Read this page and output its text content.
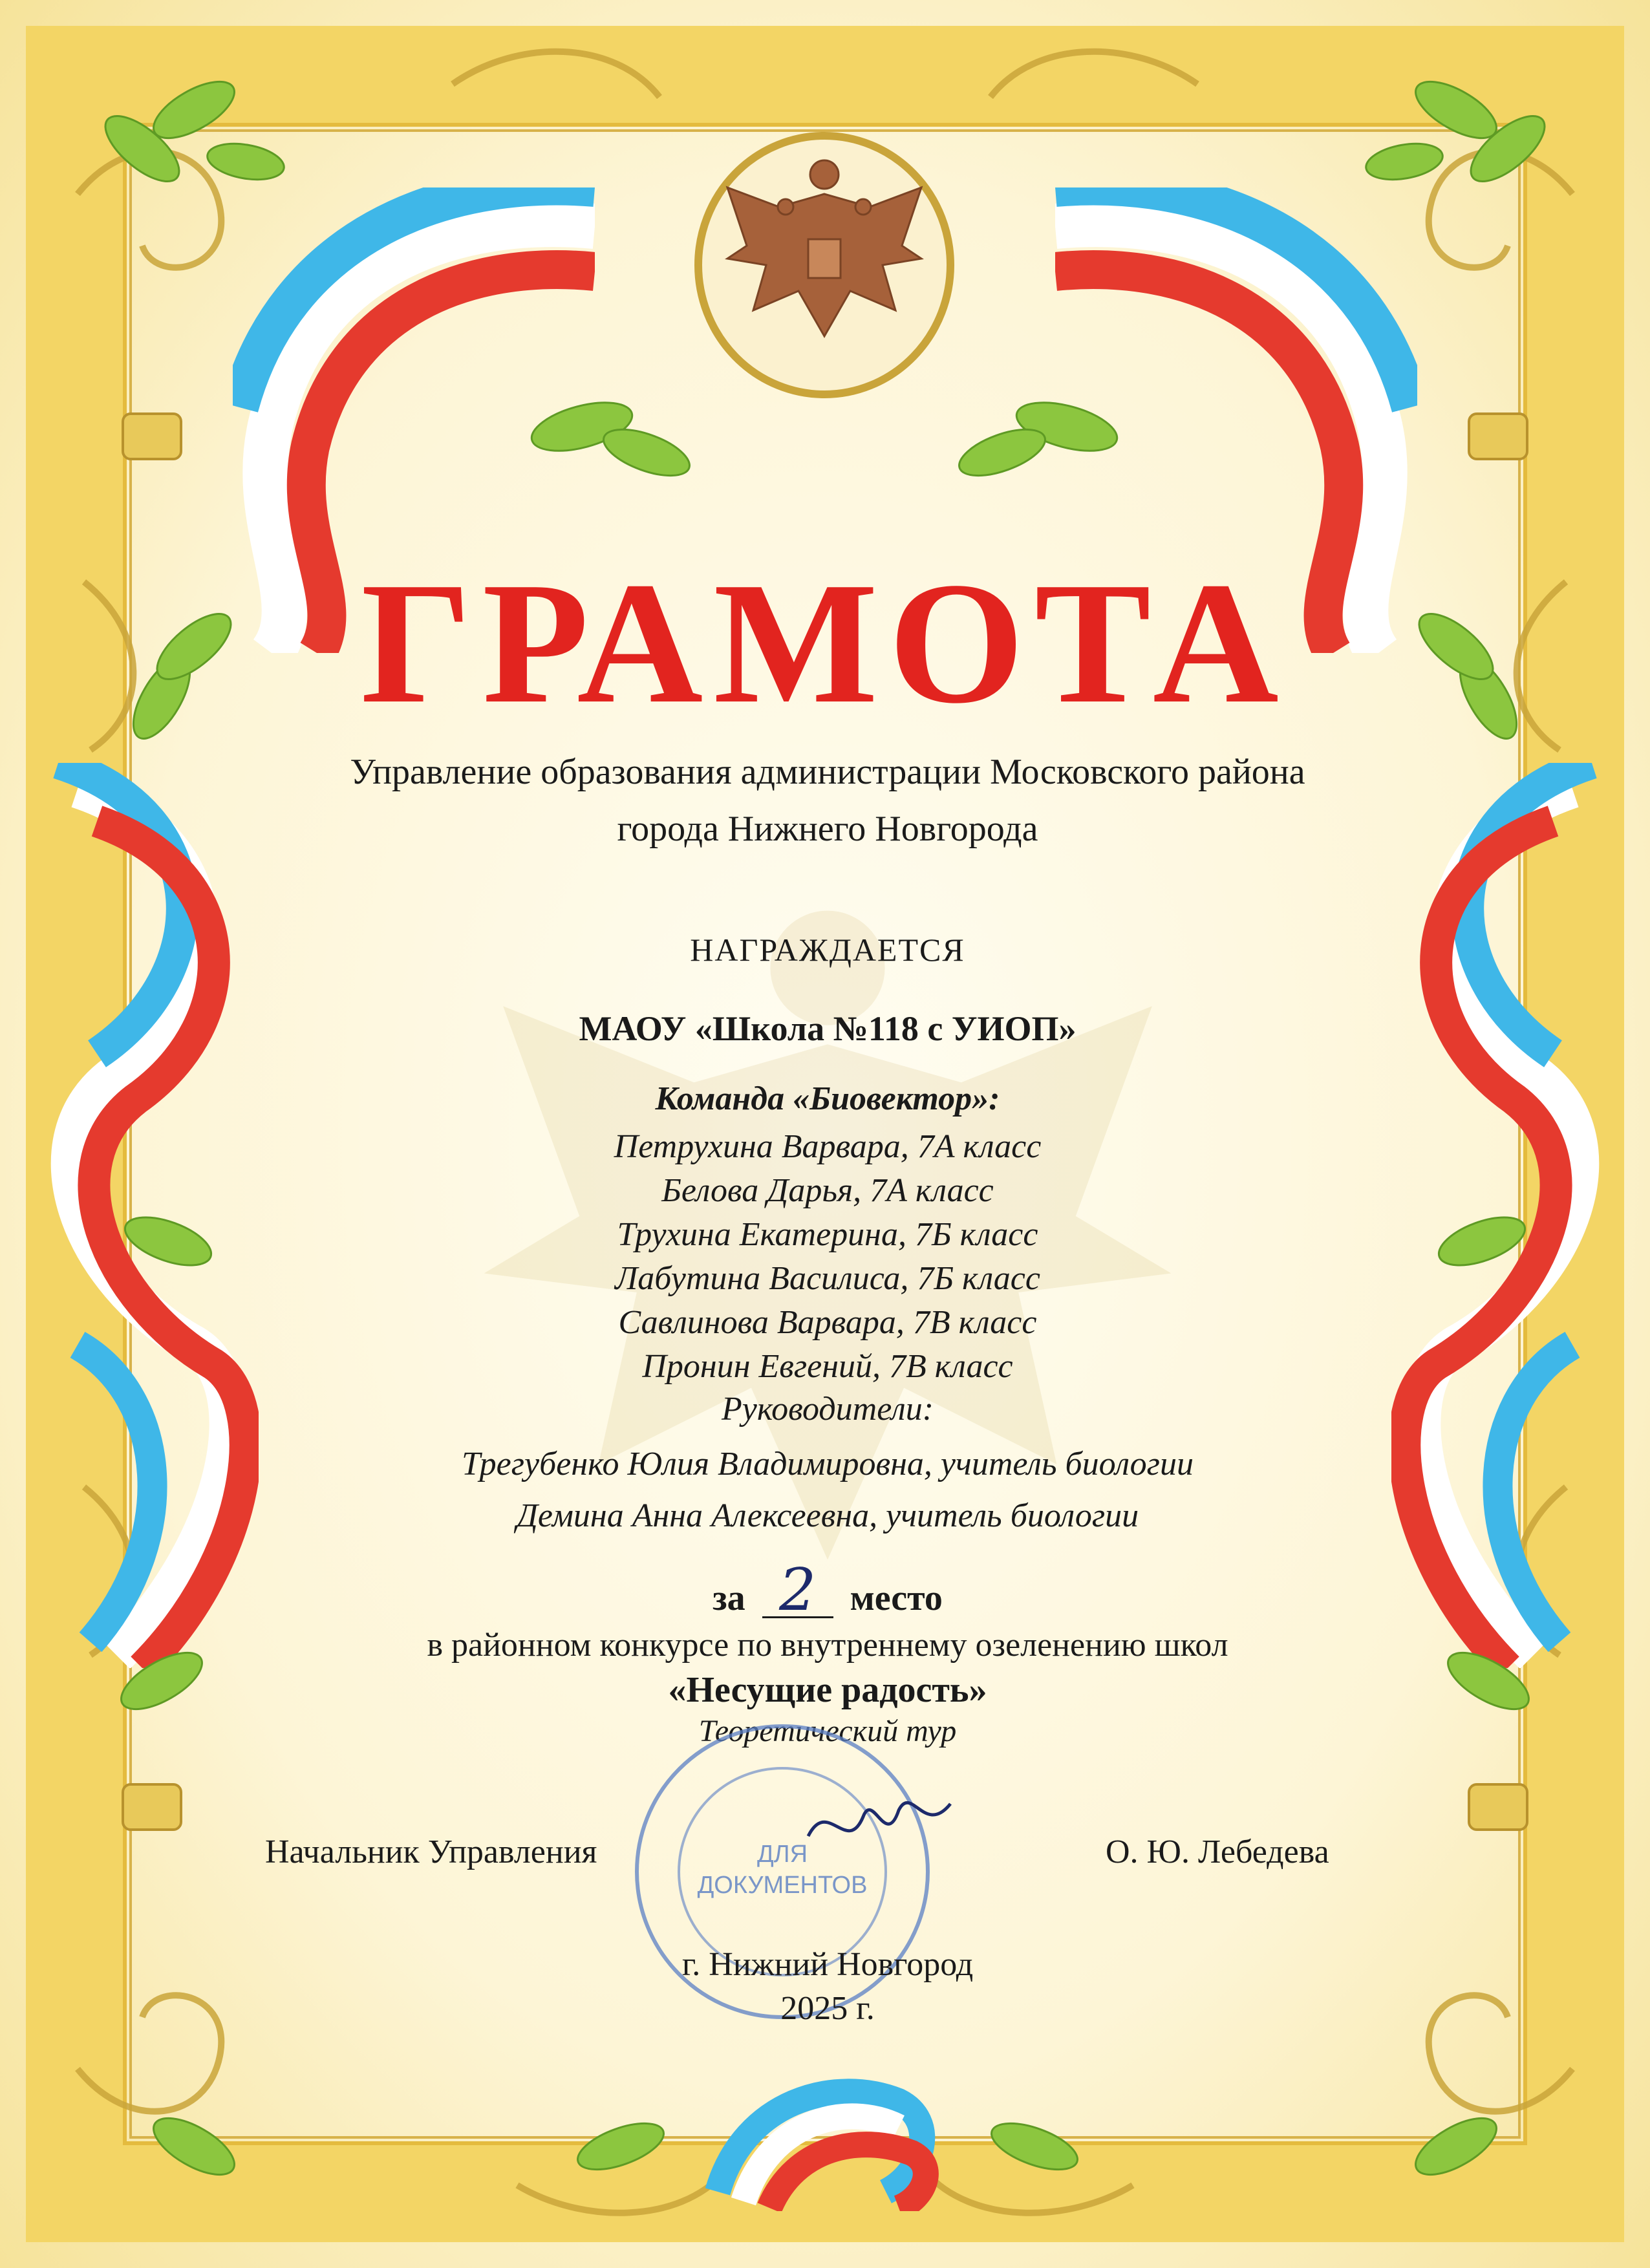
ГРАМОТА
Управление образования администрации Московского района
города Нижнего Новгорода
НАГРАЖДАЕТСЯ
МАОУ «Школа №118 с УИОП»
Команда «Биовектор»:
Петрухина Варвара, 7А класс
Белова Дарья, 7А класс
Трухина Екатерина, 7Б класс
Лабутина Василиса, 7Б класс
Савлинова Варвара, 7В класс
Пронин Евгений, 7В класс
Руководители:
Трегубенко Юлия Владимировна, учитель биологии
Демина Анна Алексеевна, учитель биологии
за 2 место
в районном конкурсе по внутреннему озеленению школ
«Несущие радость»
Теоретический тур
ДЛЯ
ДОКУМЕНТОВ
Начальник Управления	О. Ю. Лебедева
г. Нижний Новгород
2025 г.
